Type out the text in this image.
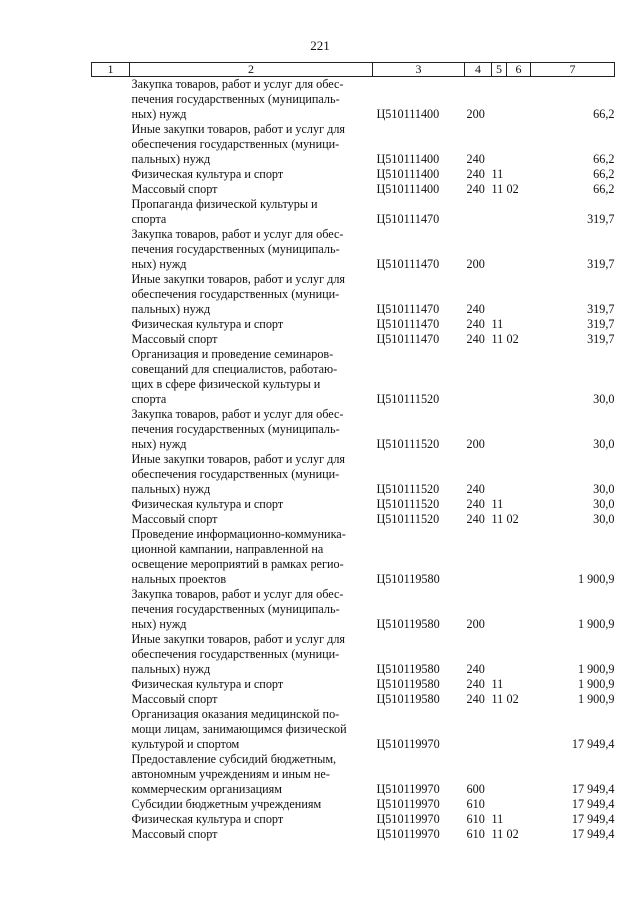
221
1	2	3	4	5	6	7
	Закупка товаров, работ и услуг для обес-
печения государственных (муниципаль-
ных) нужд	Ц510111400	200			66,2
	Иные закупки товаров, работ и услуг для
обеспечения государственных (муници-
пальных) нужд	Ц510111400	240			66,2
	Физическая культура и спорт	Ц510111400	240	11		66,2
	Массовый спорт	Ц510111400	240	11	02	66,2
	Пропаганда физической культуры и
спорта	Ц510111470				319,7
	Закупка товаров, работ и услуг для обес-
печения государственных (муниципаль-
ных) нужд	Ц510111470	200			319,7
	Иные закупки товаров, работ и услуг для
обеспечения государственных (муници-
пальных) нужд	Ц510111470	240			319,7
	Физическая культура и спорт	Ц510111470	240	11		319,7
	Массовый спорт	Ц510111470	240	11	02	319,7
	Организация и проведение семинаров-
совещаний для специалистов, работаю-
щих в сфере физической культуры и
спорта	Ц510111520				30,0
	Закупка товаров, работ и услуг для обес-
печения государственных (муниципаль-
ных) нужд	Ц510111520	200			30,0
	Иные закупки товаров, работ и услуг для
обеспечения государственных (муници-
пальных) нужд	Ц510111520	240			30,0
	Физическая культура и спорт	Ц510111520	240	11		30,0
	Массовый спорт	Ц510111520	240	11	02	30,0
	Проведение информационно-коммуника-
ционной кампании, направленной на
освещение мероприятий в рамках регио-
нальных проектов	Ц510119580				1 900,9
	Закупка товаров, работ и услуг для обес-
печения государственных (муниципаль-
ных) нужд	Ц510119580	200			1 900,9
	Иные закупки товаров, работ и услуг для
обеспечения государственных (муници-
пальных) нужд	Ц510119580	240			1 900,9
	Физическая культура и спорт	Ц510119580	240	11		1 900,9
	Массовый спорт	Ц510119580	240	11	02	1 900,9
	Организация оказания медицинской по-
мощи лицам, занимающимся физической
культурой и спортом	Ц510119970				17 949,4
	Предоставление субсидий бюджетным,
автономным учреждениям и иным не-
коммерческим организациям	Ц510119970	600			17 949,4
	Субсидии бюджетным учреждениям	Ц510119970	610			17 949,4
	Физическая культура и спорт	Ц510119970	610	11		17 949,4
	Массовый спорт	Ц510119970	610	11	02	17 949,4
